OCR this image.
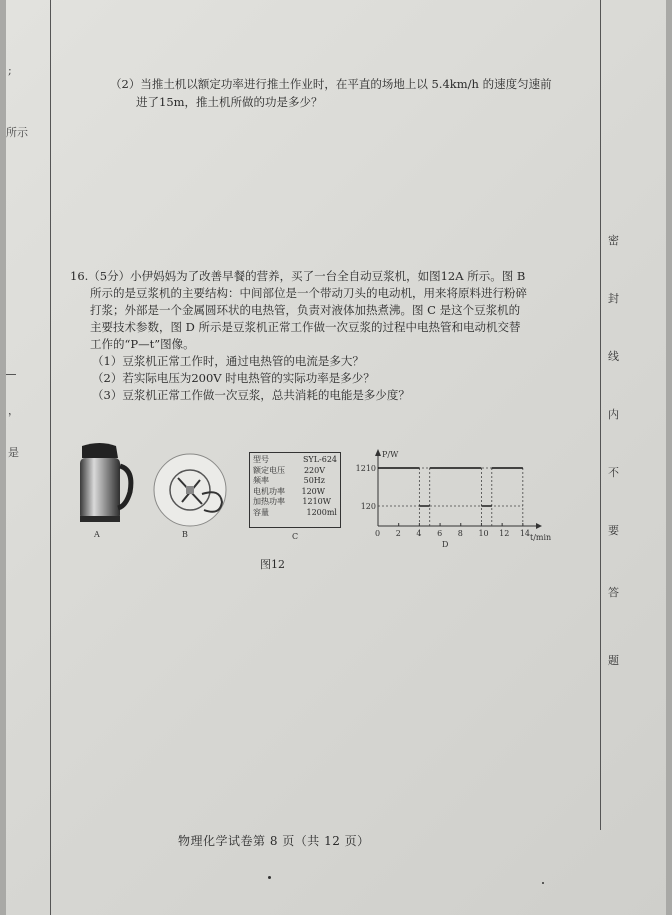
;
所示
，
是
（2）当推土机以额定功率进行推土作业时，在平直的场地上以 5.4km/h 的速度匀速前
进了15m，推土机所做的功是多少？
16.（5分）小伊妈妈为了改善早餐的营养，买了一台全自动豆浆机，如图12A 所示。图 B
所示的是豆浆机的主要结构：中间部位是一个带动刀头的电动机，用来将原料进行粉碎
打浆；外部是一个金属圆环状的电热管，负责对液体加热煮沸。图 C 是这个豆浆机的
主要技术参数，图 D 所示是豆浆机正常工作做一次豆浆的过程中电热管和电动机交替
工作的“P—t”图像。
（1）豆浆机正常工作时，通过电热管的电流是多大？
（2）若实际电压为200V 时电热管的实际功率是多少？
（3）豆浆机正常工作做一次豆浆，总共消耗的电能是多少度？
A	B
型号	SYL-624
额定电压 220V
频率	50Hz
电机功率 120W
加热功率 1210W
容量	1200ml
C
P/W
t/min
0 2 4 6 8 10 12 14
120
1210
D
图12
密
封
线
内
不
要
答
题
物理化学试卷第 8 页（共 12 页）
